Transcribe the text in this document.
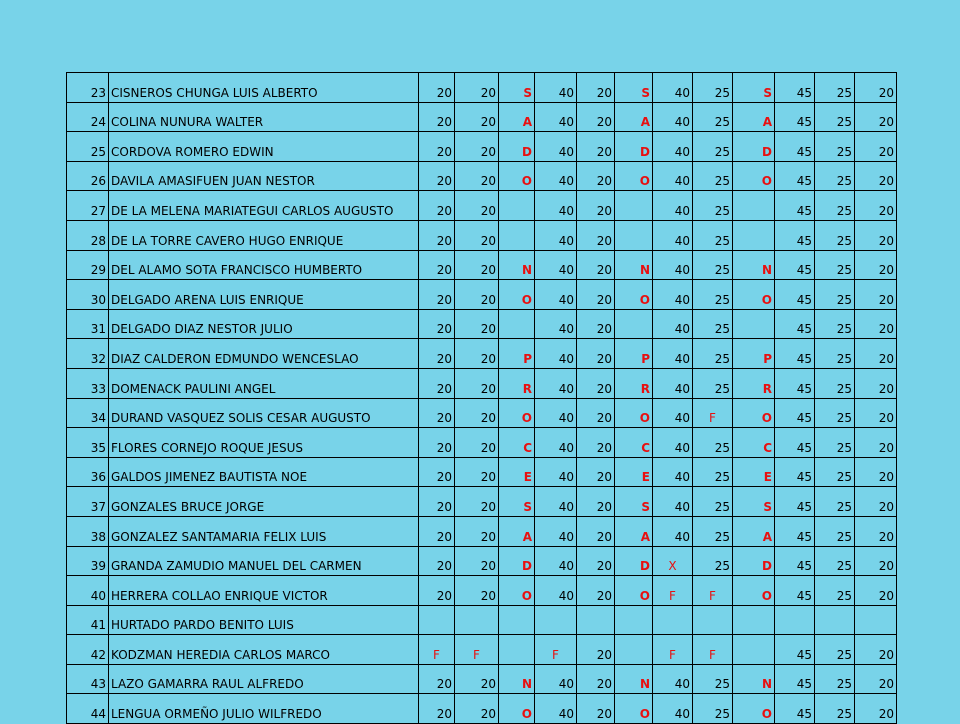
23	CISNEROS CHUNGA LUIS ALBERTO	20	20	S	40	20	S	40	25	S	45	25	20
24	COLINA NUNURA WALTER	20	20	A	40	20	A	40	25	A	45	25	20
25	CORDOVA ROMERO EDWIN	20	20	D	40	20	D	40	25	D	45	25	20
26	DAVILA AMASIFUEN JUAN NESTOR	20	20	O	40	20	O	40	25	O	45	25	20
27	DE LA MELENA MARIATEGUI CARLOS AUGUSTO	20	20		40	20		40	25		45	25	20
28	DE LA TORRE CAVERO HUGO ENRIQUE	20	20		40	20		40	25		45	25	20
29	DEL ALAMO SOTA FRANCISCO HUMBERTO	20	20	N	40	20	N	40	25	N	45	25	20
30	DELGADO ARENA LUIS ENRIQUE	20	20	O	40	20	O	40	25	O	45	25	20
31	DELGADO DIAZ NESTOR JULIO	20	20		40	20		40	25		45	25	20
32	DIAZ CALDERON EDMUNDO WENCESLAO	20	20	P	40	20	P	40	25	P	45	25	20
33	DOMENACK PAULINI ANGEL	20	20	R	40	20	R	40	25	R	45	25	20
34	DURAND VASQUEZ SOLIS CESAR AUGUSTO	20	20	O	40	20	O	40	F	O	45	25	20
35	FLORES CORNEJO ROQUE JESUS	20	20	C	40	20	C	40	25	C	45	25	20
36	GALDOS JIMENEZ BAUTISTA NOE	20	20	E	40	20	E	40	25	E	45	25	20
37	GONZALES BRUCE JORGE	20	20	S	40	20	S	40	25	S	45	25	20
38	GONZALEZ SANTAMARIA FELIX LUIS	20	20	A	40	20	A	40	25	A	45	25	20
39	GRANDA ZAMUDIO MANUEL DEL CARMEN	20	20	D	40	20	D	X	25	D	45	25	20
40	HERRERA COLLAO ENRIQUE VICTOR	20	20	O	40	20	O	F	F	O	45	25	20
41	HURTADO PARDO BENITO LUIS												
42	KODZMAN HEREDIA CARLOS MARCO	F	F		F	20		F	F		45	25	20
43	LAZO GAMARRA RAUL ALFREDO	20	20	N	40	20	N	40	25	N	45	25	20
44	LENGUA ORMEÑO JULIO WILFREDO	20	20	O	40	20	O	40	25	O	45	25	20
